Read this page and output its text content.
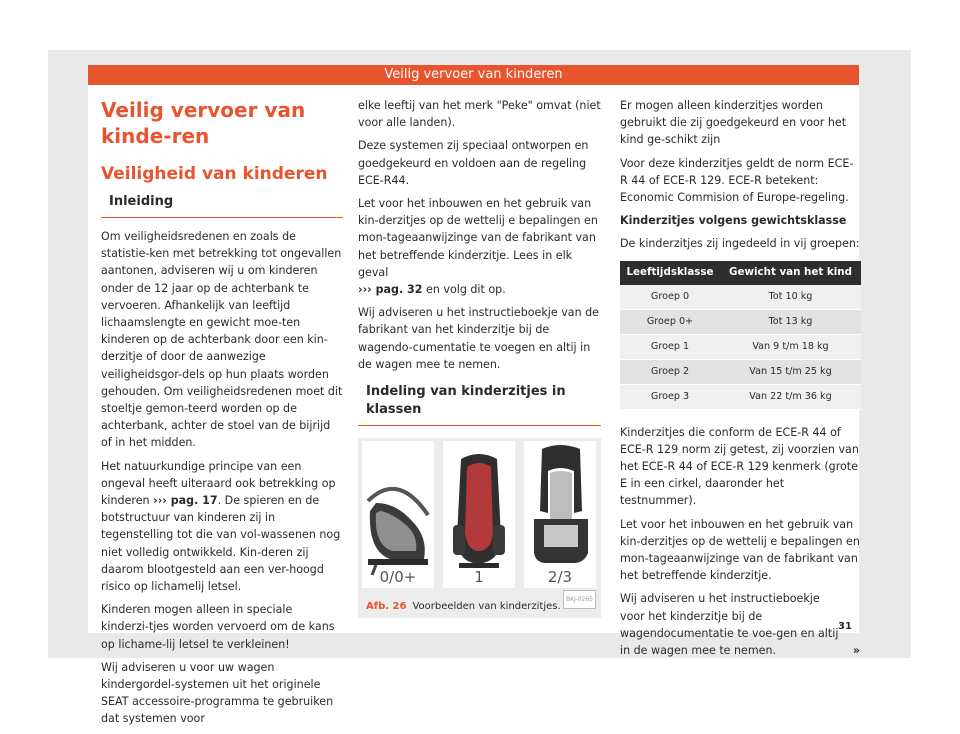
Veilig vervoer van kinderen
Veilig vervoer van kinde-ren
Veiligheid van kinderen
Inleiding

Om veiligheidsredenen en zoals de statistie-ken met betrekking tot ongevallen aantonen, adviseren wij u om kinderen onder de 12 jaar op de achterbank te vervoeren. Afhankelijk van leeftijd lichaamslengte en gewicht moe-ten kinderen op de achterbank door een kin-derzitje of door de aanwezige veiligheidsgor-dels op hun plaats worden gehouden. Om veiligheidsredenen moet dit stoeltje gemon-teerd worden op de achterbank, achter de stoel van de bijrijd of in het midden.

Het natuurkundige principe van een ongeval heeft uiteraard ook betrekking op kinderen ››› pag. 17. De spieren en de botstructuur van kinderen zij in tegenstelling tot die van vol-wassenen nog niet volledig ontwikkeld. Kin-deren zij daarom blootgesteld aan een ver-hoogd risico op lichamelij letsel.

Kinderen mogen alleen in speciale kinderzi-tjes worden vervoerd om de kans op lichame-lij letsel te verkleinen!

Wij adviseren u voor uw wagen kindergordel-systemen uit het originele SEAT accessoire-programma te gebruiken dat systemen voor

elke leeftij van het merk "Peke" omvat (niet voor alle landen).

Deze systemen zij speciaal ontworpen en goedgekeurd en voldoen aan de regeling ECE-R44.

Let voor het inbouwen en het gebruik van kin-derzitjes op de wettelij e bepalingen en mon-tageaanwijzinge van de fabrikant van het betreffende kinderzitje. Lees in elk geval
››› pag. 32 en volg dit op.

Wij adviseren u het instructieboekje van de fabrikant van het kinderzitje bij de wagendo-cumentatie te voegen en altij in de wagen mee te nemen.

Indeling van kinderzitjes in klassen
0/0+	1	2/3
BKJ-0265
Afb. 26 Voorbeelden van kinderzitjes.

Er mogen alleen kinderzitjes worden gebruikt die zij goedgekeurd en voor het kind ge-schikt zijn

Voor deze kinderzitjes geldt de norm ECE-R 44 of ECE-R 129. ECE-R betekent: Economic Commision of Europe-regeling.

Kinderzitjes volgens gewichtsklasse

De kinderzitjes zij ingedeeld in vij groepen:

Leeftijdsklasse	Gewicht van het kind
Groep 0	Tot 10 kg
Groep 0+	Tot 13 kg
Groep 1	Van 9 t/m 18 kg
Groep 2	Van 15 t/m 25 kg
Groep 3	Van 22 t/m 36 kg

Kinderzitjes die conform de ECE-R 44 of ECE-R 129 norm zij getest, zij voorzien van het ECE-R 44 of ECE-R 129 kenmerk (grote E in een cirkel, daaronder het testnummer).

Let voor het inbouwen en het gebruik van kin-derzitjes op de wettelij e bepalingen en mon-tageaanwijzinge van de fabrikant van het betreffende kinderzitje.

Wij adviseren u het instructieboekje voor het kinderzitje bij de wagendocumentatie te voe-gen en altij in de wagen mee te nemen.	»

31
